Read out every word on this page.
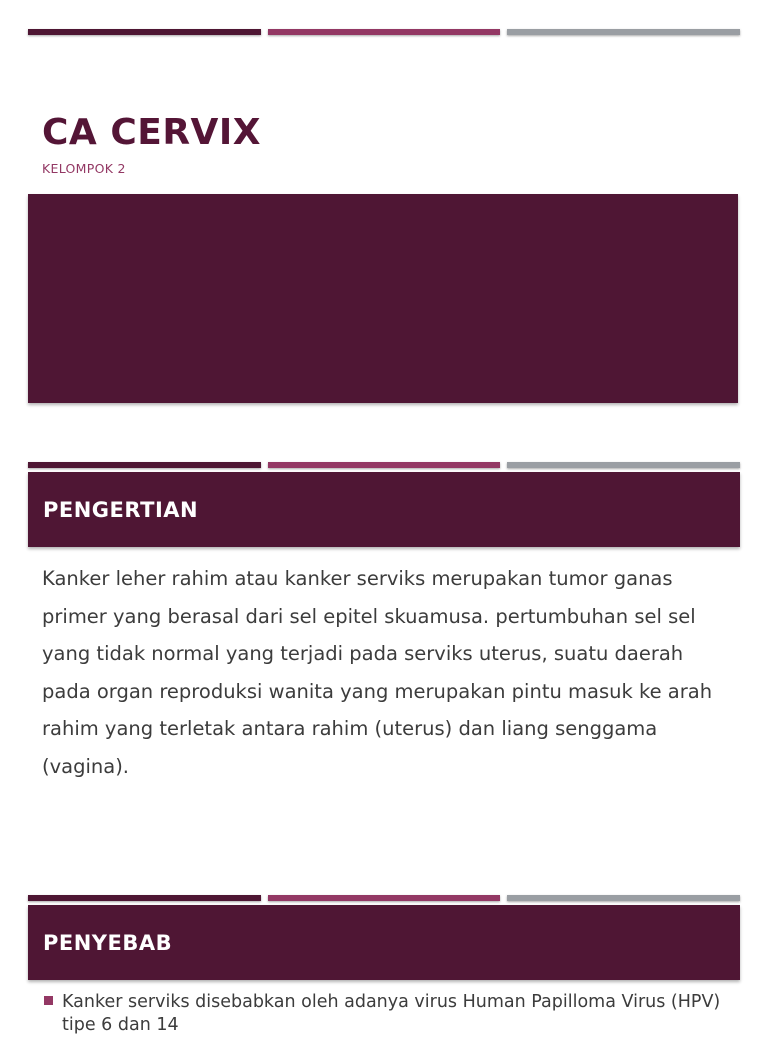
CA CERVIX
KELOMPOK 2
PENGERTIAN

Kanker leher rahim atau kanker serviks merupakan tumor ganas primer yang berasal dari sel epitel skuamusa. pertumbuhan sel sel yang tidak normal yang terjadi pada serviks uterus, suatu daerah pada organ reproduksi wanita yang merupakan pintu masuk ke arah rahim yang terletak antara rahim (uterus) dan liang senggama (vagina).

PENYEBAB
Kanker serviks disebabkan oleh adanya virus Human Papilloma Virus (HPV) tipe 6 dan 14
